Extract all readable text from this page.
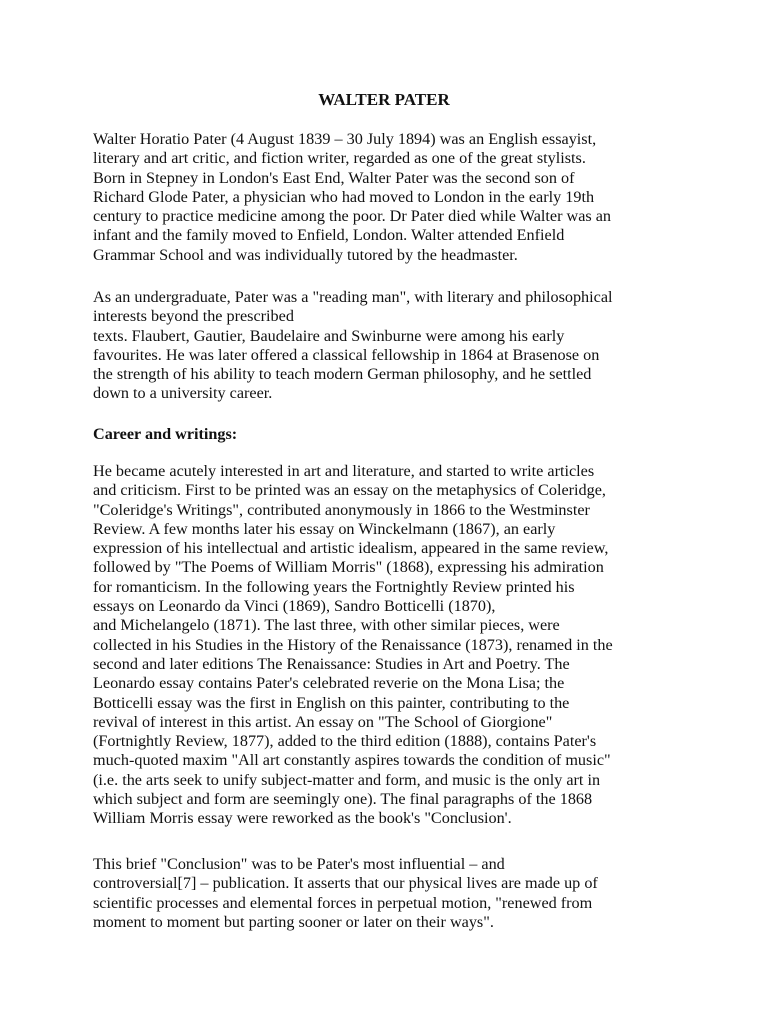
WALTER PATER
Walter Horatio Pater (4 August 1839 – 30 July 1894) was an English essayist,
literary and art critic, and fiction writer, regarded as one of the great stylists.
Born in Stepney in London's East End, Walter Pater was the second son of
Richard Glode Pater, a physician who had moved to London in the early 19th
century to practice medicine among the poor. Dr Pater died while Walter was an
infant and the family moved to Enfield, London. Walter attended Enfield
Grammar School and was individually tutored by the headmaster.
As an undergraduate, Pater was a "reading man", with literary and philosophical
interests beyond the prescribed
texts. Flaubert, Gautier, Baudelaire and Swinburne were among his early
favourites. He was later offered a classical fellowship in 1864 at Brasenose on
the strength of his ability to teach modern German philosophy, and he settled
down to a university career.
Career and writings:
He became acutely interested in art and literature, and started to write articles
and criticism. First to be printed was an essay on the metaphysics of Coleridge,
"Coleridge's Writings", contributed anonymously in 1866 to the Westminster
Review. A few months later his essay on Winckelmann (1867), an early
expression of his intellectual and artistic idealism, appeared in the same review,
followed by "The Poems of William Morris" (1868), expressing his admiration
for romanticism. In the following years the Fortnightly Review printed his
essays on Leonardo da Vinci (1869), Sandro Botticelli (1870),
and Michelangelo (1871). The last three, with other similar pieces, were
collected in his Studies in the History of the Renaissance (1873), renamed in the
second and later editions The Renaissance: Studies in Art and Poetry. The
Leonardo essay contains Pater's celebrated reverie on the Mona Lisa; the
Botticelli essay was the first in English on this painter, contributing to the
revival of interest in this artist. An essay on "The School of Giorgione"
(Fortnightly Review, 1877), added to the third edition (1888), contains Pater's
much-quoted maxim "All art constantly aspires towards the condition of music"
(i.e. the arts seek to unify subject-matter and form, and music is the only art in
which subject and form are seemingly one). The final paragraphs of the 1868
William Morris essay were reworked as the book's "Conclusion'.
This brief "Conclusion" was to be Pater's most influential – and
controversial[7] – publication. It asserts that our physical lives are made up of
scientific processes and elemental forces in perpetual motion, "renewed from
moment to moment but parting sooner or later on their ways".
